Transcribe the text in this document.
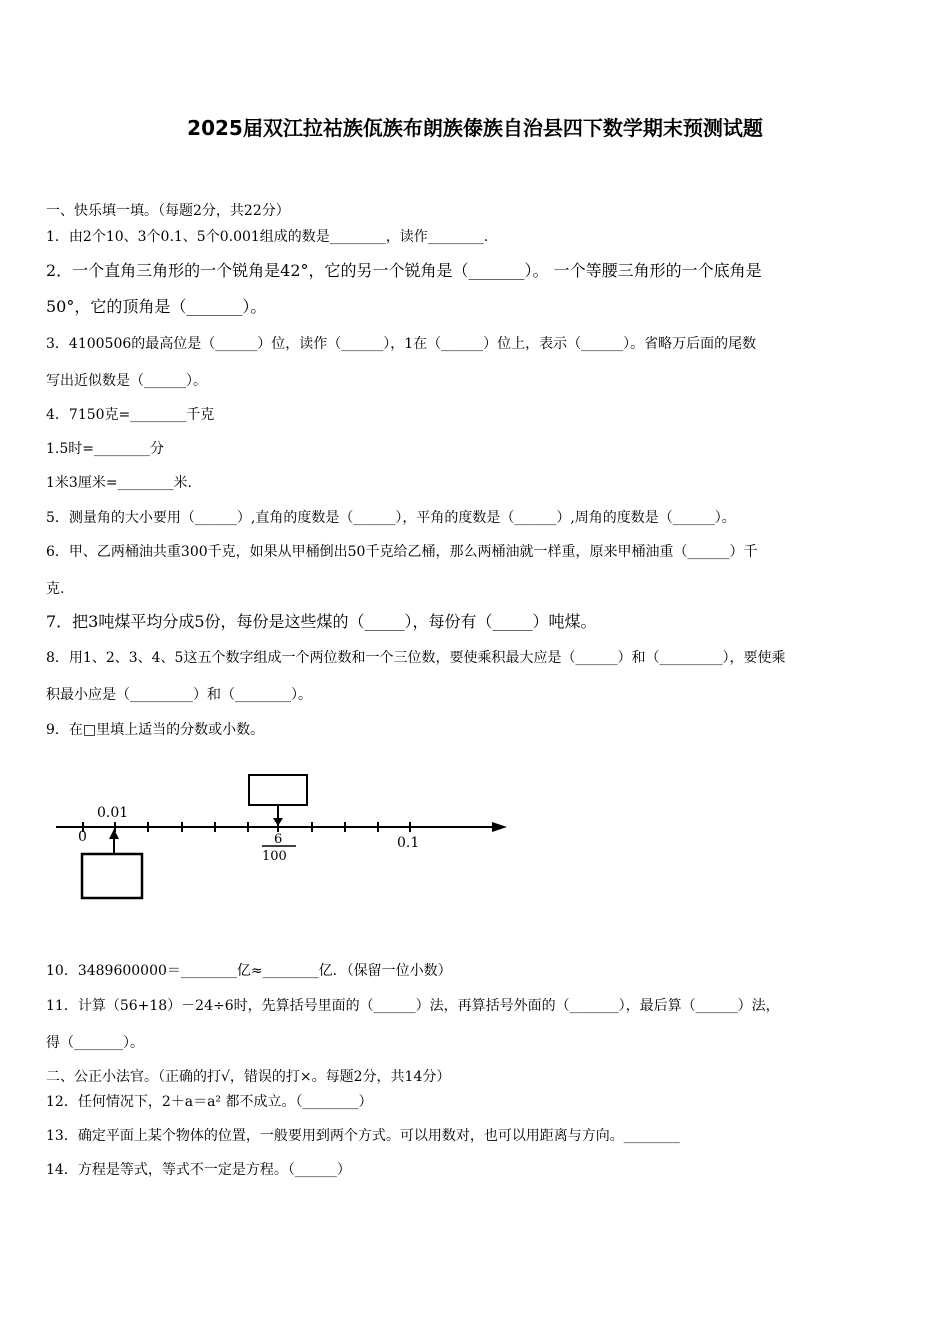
2025届双江拉祜族佤族布朗族傣族自治县四下数学期末预测试题
一、快乐填一填。（每题2分，共22分）
1．由2个10、3个0.1、5个0.001组成的数是________，读作________.
2．一个直角三角形的一个锐角是42°，它的另一个锐角是（_______）。 一个等腰三角形的一个底角是
50°，它的顶角是（_______）。
3．4100506的最高位是（______）位，读作（______），1在（______）位上，表示（______）。省略万后面的尾数
写出近似数是（______）。
4．7150克=________千克
1.5时=________分
1米3厘米=________米.
5．测量角的大小要用（______）,直角的度数是（______），平角的度数是（______）,周角的度数是（______）。
6．甲、乙两桶油共重300千克，如果从甲桶倒出50千克给乙桶，那么两桶油就一样重，原来甲桶油重（______）千
克.
7．把3吨煤平均分成5份，每份是这些煤的（_____），每份有（_____）吨煤。
8．用1、2、3、4、5这五个数字组成一个两位数和一个三位数，要使乘积最大应是（______）和（_________），要使乘
积最小应是（_________）和（________）。
9．在□里填上适当的分数或小数。
0.01
0	6
100
0.1
10．3489600000＝________亿≈________亿．（保留一位小数）
11．计算（56+18）－24÷6时，先算括号里面的（______）法，再算括号外面的（_______），最后算（______）法，
得（_______）。
二、公正小法官。（正确的打√，错误的打×。每题2分，共14分）
12．任何情况下，2＋a＝a² 都不成立。（________）
13．确定平面上某个物体的位置，一般要用到两个方式。可以用数对，也可以用距离与方向。________
14．方程是等式，等式不一定是方程。（______）
